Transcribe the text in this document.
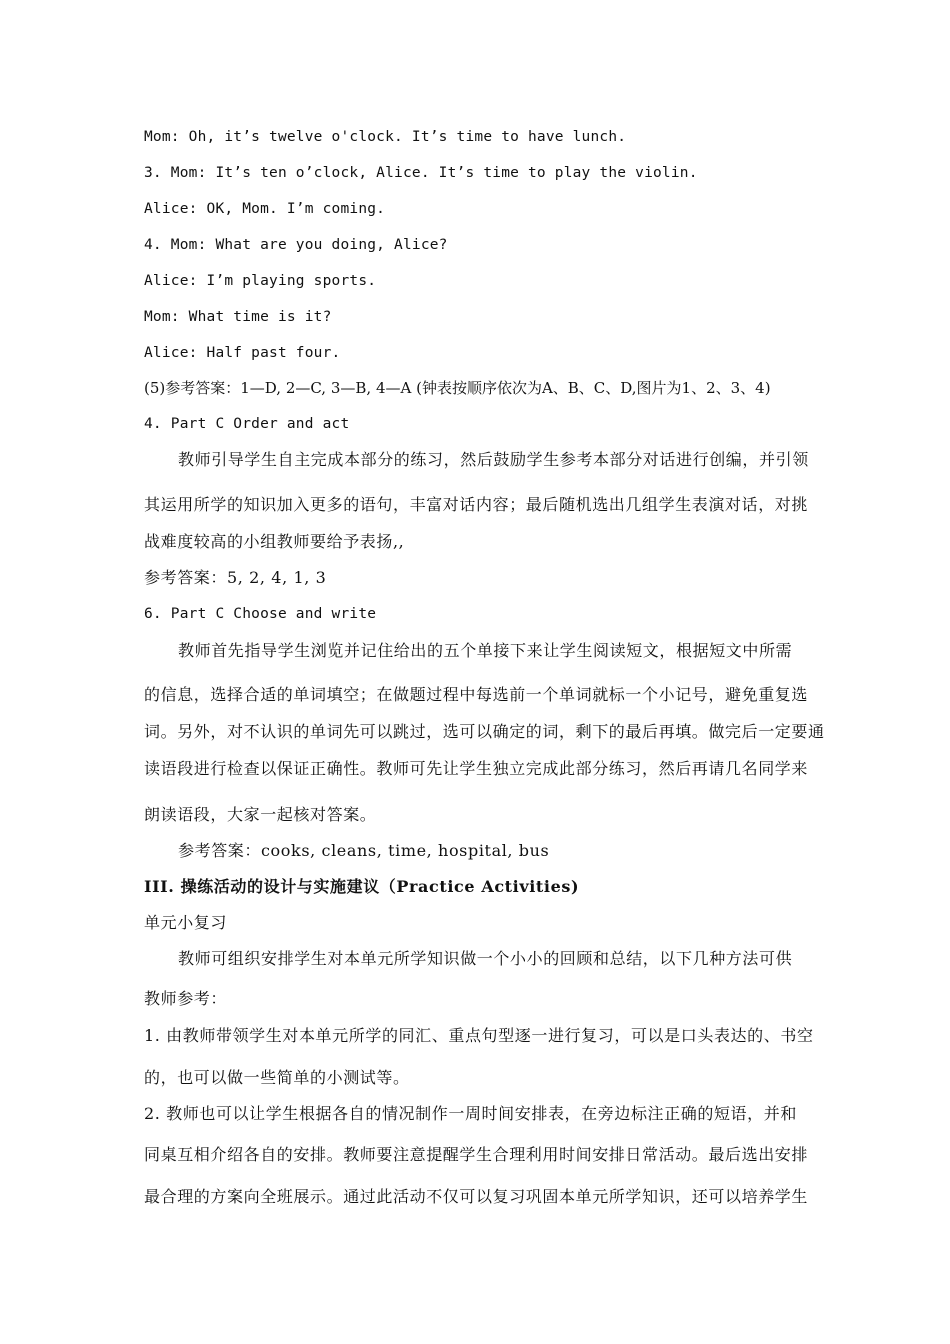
Mom: Oh, it’s twelve o'clock. It’s time to have lunch.
3. Mom: It’s ten o’clock, Alice. It’s time to play the violin.
Alice: OK, Mom. I’m coming.
4. Mom: What are you doing, Alice?
Alice: I’m playing sports.
Mom: What time is it?
Alice: Half past four.
(5)参考答案：1—D, 2—C, 3—B, 4—A (钟表按顺序依次为A、B、C、D,图片为1、2、3、4)
4. Part C Order and act
教师引导学生自主完成本部分的练习，然后鼓励学生参考本部分对话进行创编，并引领
其运用所学的知识加入更多的语句，丰富对话内容；最后随机选出几组学生表演对话，对挑
战难度较高的小组教师要给予表扬,,
参考答案：5, 2, 4, 1, 3
6. Part C Choose and write
教师首先指导学生浏览并记住给出的五个单接下来让学生阅读短文，根据短文中所需
的信息，选择合适的单词填空；在做题过程中每选前一个单词就标一个小记号，避免重复选
词。另外，对不认识的单词先可以跳过，选可以确定的词，剩下的最后再填。做完后一定要通
读语段进行检查以保证正确性。教师可先让学生独立完成此部分练习，然后再请几名同学来
朗读语段，大家一起核对答案。
参考答案：cooks, cleans, time, hospital, bus
III. 操练活动的设计与实施建议（Practice Activities)
单元小复习
教师可组织安排学生对本单元所学知识做一个小小的回顾和总结，以下几种方法可供
教师参考：
1. 由教师带领学生对本单元所学的同汇、重点句型逐一进行复习，可以是口头表达的、书空
的，也可以做一些简单的小测试等。
2. 教师也可以让学生根据各自的情况制作一周时间安排表，在旁边标注正确的短语，并和
同桌互相介绍各自的安排。教师要注意提醒学生合理利用时间安排日常活动。最后选出安排
最合理的方案向全班展示。通过此活动不仅可以复习巩固本单元所学知识，还可以培养学生
